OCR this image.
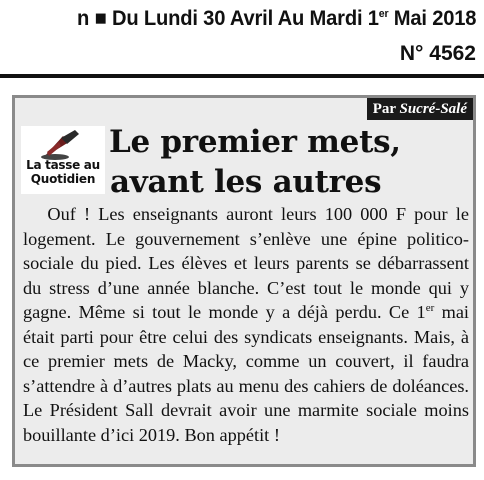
n ■ Du Lundi 30 Avril Au Mardi 1er Mai 2018
N° 4562
Par Sucré-Salé
La tasse au
Quotidien
Le premier mets,
avant les autres
Ouf ! Les enseignants auront leurs 100 000 F pour le logement. Le gouvernement s’enlève une épine politico-sociale du pied. Les élèves et leurs parents se débarrassent du stress d’une année blanche. C’est tout le monde qui y gagne. Même si tout le monde y a déjà perdu. Ce 1er mai était parti pour être celui des syndicats enseignants. Mais, à ce premier mets de Macky, comme un couvert, il faudra s’attendre à d’autres plats au menu des cahiers de doléances. Le Président Sall devrait avoir une marmite sociale moins bouillante d’ici 2019. Bon appétit !
